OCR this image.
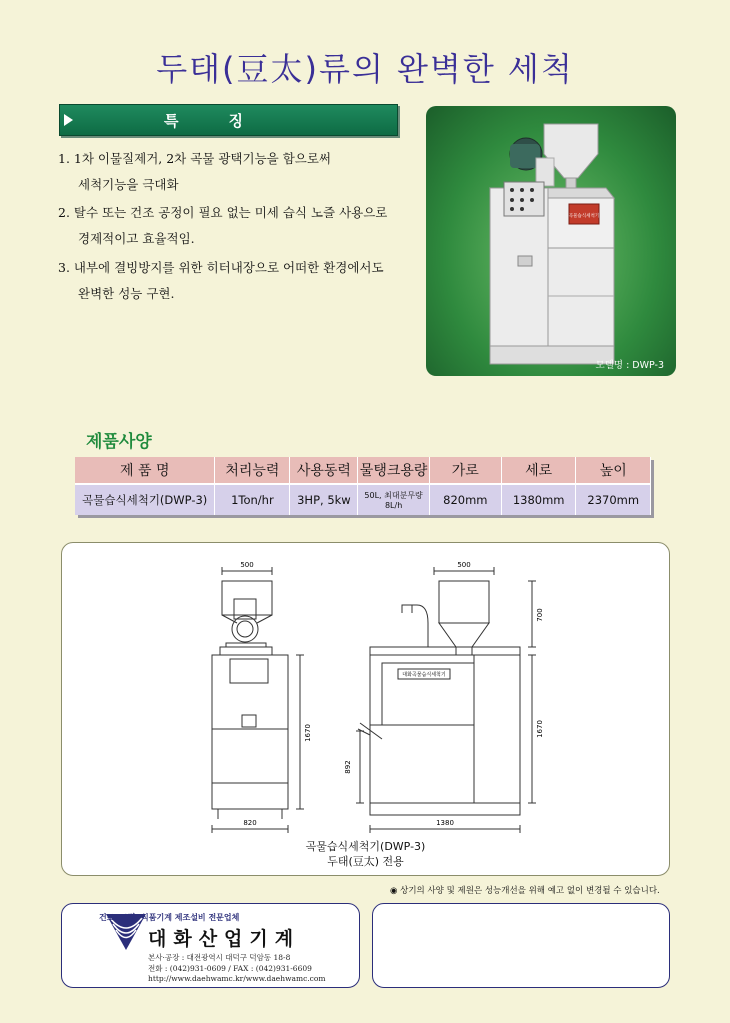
두태(豆太)류의 완벽한 세척
특징
1. 1차 이물질제거, 2차 곡물 광택기능을 함으로써
세척기능을 극대화
2. 탈수 또는 건조 공정이 필요 없는 미세 습식 노즐 사용으로
경제적이고 효율적임.
3. 내부에 결빙방지를 위한 히터내장으로 어떠한 환경에서도
완벽한 성능 구현.
곡물습식세척기
모델명 : DWP-3
제품사양
제 품 명	처리능력	사용동력	물탱크용량	가로	세로	높이
곡물습식세척기(DWP-3)	1Ton/hr	3HP, 5kw	50L, 최대분무량 8L/h	820mm	1380mm	2370mm
500
820
1670
500
대화곡물습식세척기
1380
892
700
1670
곡물습식세척기(DWP-3)
두태(豆太) 전용
◉ 상기의 사양 및 제원은 성능개선을 위해 예고 없이 변경될 수 있습니다.
건조, 도정, 식품기계 제조설비 전문업체
대화산업기계
본사·공장 : 대전광역시 대덕구 덕암동 18-8
전화 : (042)931-0609 / FAX : (042)931-6609
http://www.daehwamc.kr/www.daehwamc.com
